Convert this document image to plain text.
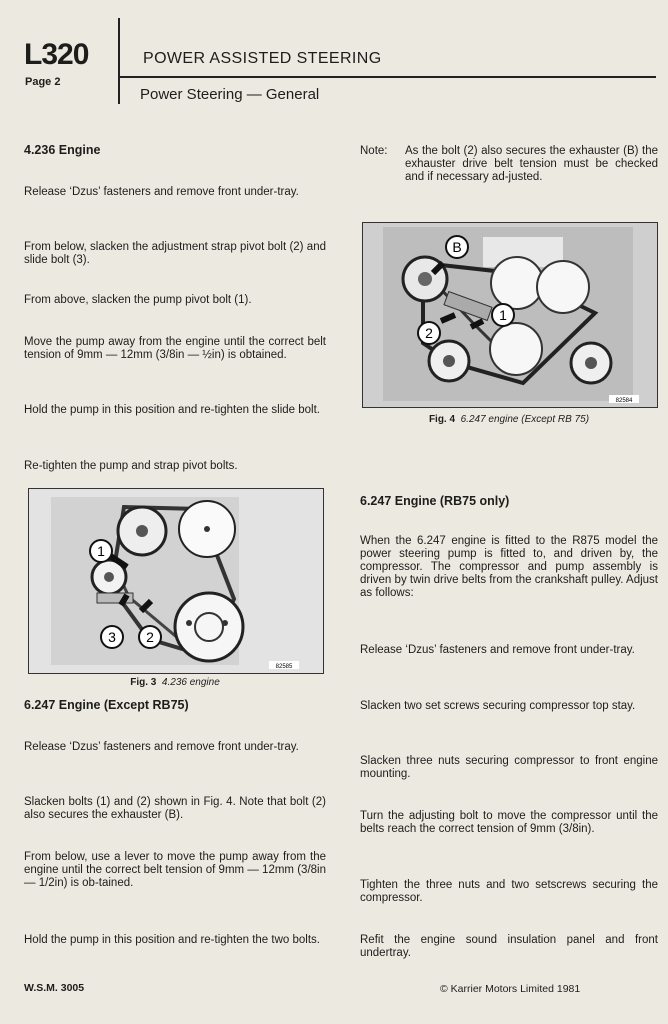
L320
Page 2
POWER ASSISTED STEERING
Power Steering — General
4.236 Engine
Release ‘Dzus’ fasteners and remove front under-tray.
From below, slacken the adjustment strap pivot bolt (2) and slide bolt (3).
From above, slacken the pump pivot bolt (1).
Move the pump away from the engine until the correct belt tension of 9mm — 12mm (3/8in — ½in) is obtained.
Hold the pump in this position and re-tighten the slide bolt.
Re-tighten the pump and strap pivot bolts.
1
3 2
82585
Fig. 3 4.236 engine
6.247 Engine (Except RB75)
Release ‘Dzus’ fasteners and remove front under-tray.
Slacken bolts (1) and (2) shown in Fig. 4. Note that bolt (2) also secures the exhauster (B).
From below, use a lever to move the pump away from the engine until the correct belt tension of 9mm — 12mm (3/8in — 1/2in) is ob-tained.
Hold the pump in this position and re-tighten the two bolts.
Note: As the bolt (2) also secures the exhauster (B) the exhauster drive belt tension must be checked and if necessary ad-justed.
B
1
2
82584
Fig. 4 6.247 engine (Except RB 75)
6.247 Engine (RB75 only)
When the 6.247 engine is fitted to the R875 model the power steering pump is fitted to, and driven by, the compressor. The compressor and pump assembly is driven by twin drive belts from the crankshaft pulley. Adjust as follows:
Release ‘Dzus’ fasteners and remove front under-tray.
Slacken two set screws securing compressor top stay.
Slacken three nuts securing compressor to front engine mounting.
Turn the adjusting bolt to move the compressor until the belts reach the correct tension of 9mm (3/8in).
Tighten the three nuts and two setscrews securing the compressor.
Refit the engine sound insulation panel and front undertray.
W.S.M. 3005	© Karrier Motors Limited 1981
